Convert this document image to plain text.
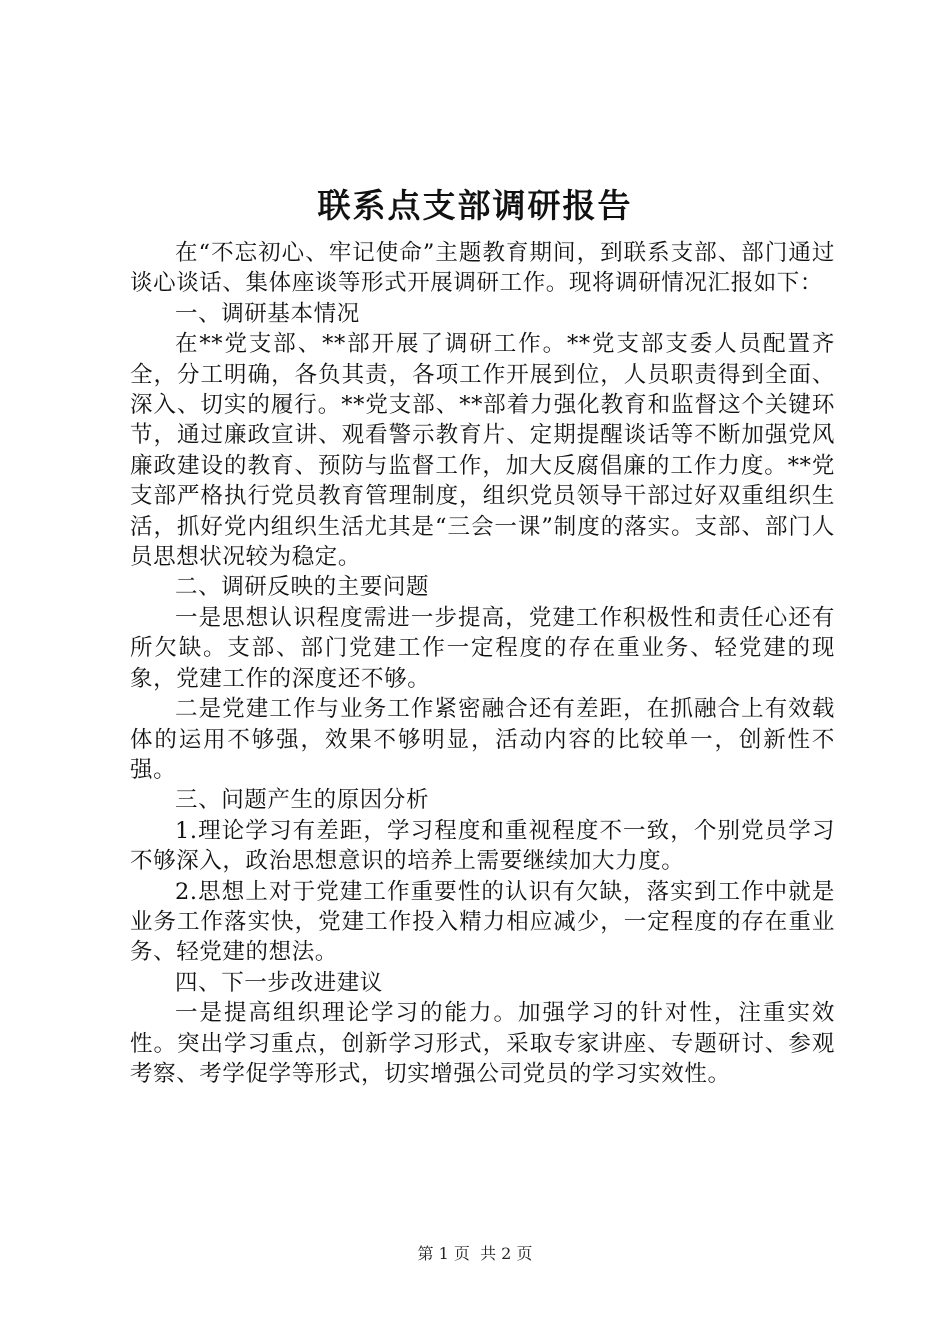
联系点支部调研报告

在“不忘初心、牢记使命”主题教育期间，到联系支部、部门通过谈心谈话、集体座谈等形式开展调研工作。现将调研情况汇报如下：

一、调研基本情况

在**党支部、**部开展了调研工作。**党支部支委人员配置齐全，分工明确，各负其责，各项工作开展到位，人员职责得到全面、深入、切实的履行。**党支部、**部着力强化教育和监督这个关键环节，通过廉政宣讲、观看警示教育片、定期提醒谈话等不断加强党风廉政建设的教育、预防与监督工作，加大反腐倡廉的工作力度。**党支部严格执行党员教育管理制度，组织党员领导干部过好双重组织生活，抓好党内组织生活尤其是“三会一课”制度的落实。支部、部门人员思想状况较为稳定。

二、调研反映的主要问题

一是思想认识程度需进一步提高，党建工作积极性和责任心还有所欠缺。支部、部门党建工作一定程度的存在重业务、轻党建的现象，党建工作的深度还不够。

二是党建工作与业务工作紧密融合还有差距，在抓融合上有效载体的运用不够强，效果不够明显，活动内容的比较单一，创新性不强。

三、问题产生的原因分析

1.理论学习有差距，学习程度和重视程度不一致，个别党员学习不够深入，政治思想意识的培养上需要继续加大力度。

2.思想上对于党建工作重要性的认识有欠缺，落实到工作中就是业务工作落实快，党建工作投入精力相应减少，一定程度的存在重业务、轻党建的想法。

四、下一步改进建议

一是提高组织理论学习的能力。加强学习的针对性，注重实效性。突出学习重点，创新学习形式，采取专家讲座、专题研讨、参观考察、考学促学等形式，切实增强公司党员的学习实效性。

第 1 页 共 2 页
